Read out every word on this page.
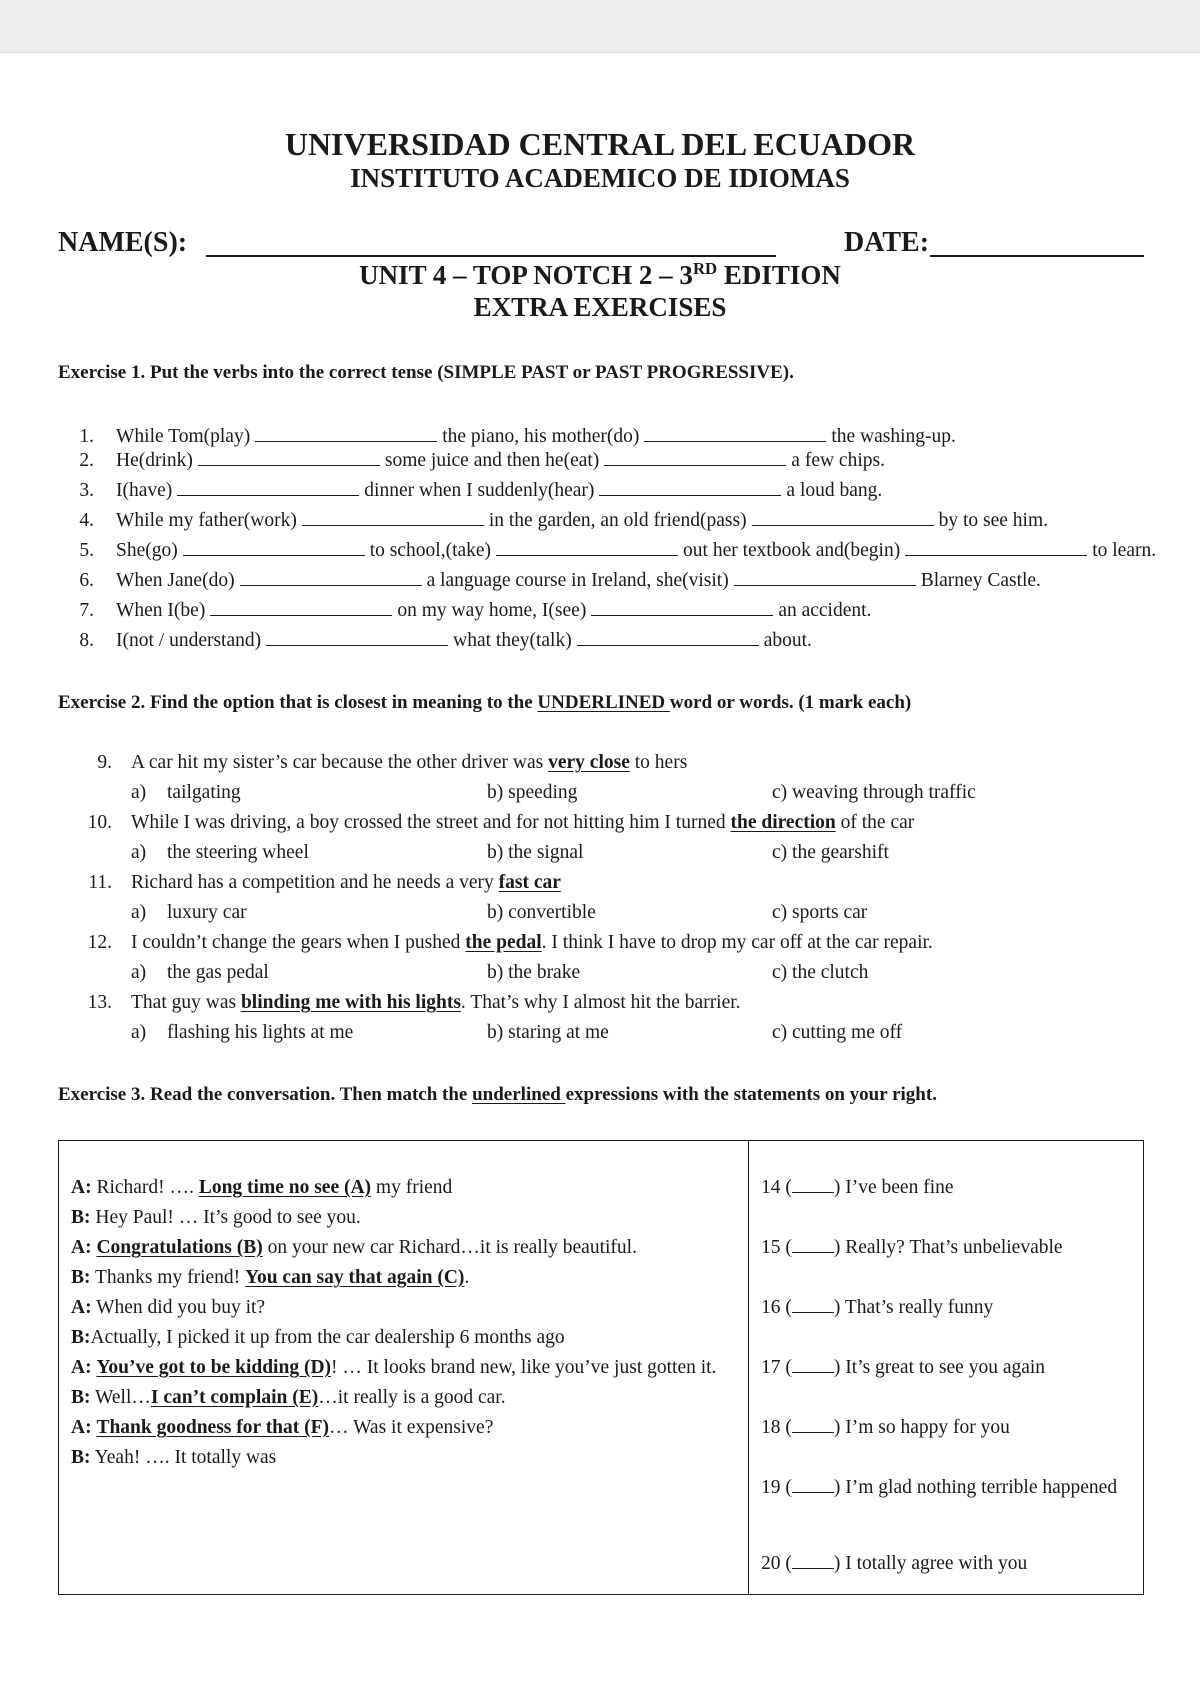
UNIVERSIDAD CENTRAL DEL ECUADOR
INSTITUTO ACADEMICO DE IDIOMAS
NAME(S):	DATE:
UNIT 4 – TOP NOTCH 2 – 3RD EDITION
EXTRA EXERCISES
Exercise 1. Put the verbs into the correct tense (SIMPLE PAST or PAST PROGRESSIVE).
1. While Tom(play)	the piano, his mother(do)	the washing-up.
2. He(drink)	some juice and then he(eat)	a few chips.
3. I(have)	dinner when I suddenly(hear)	a loud bang.
4. While my father(work)	in the garden, an old friend(pass)	by to see him.
5. She(go)	to school,(take)	out her textbook and(begin)	to learn.
6. When Jane(do)	a language course in Ireland, she(visit)	Blarney Castle.
7. When I(be)	on my way home, I(see)	an accident.
8. I(not / understand)	what they(talk)	about.
Exercise 2. Find the option that is closest in meaning to the UNDERLINED word or words. (1 mark each)
9. A car hit my sister’s car because the other driver was very close to hers
a) tailgating	b) speeding	c) weaving through traffic
10. While I was driving, a boy crossed the street and for not hitting him I turned the direction of the car
a) the steering wheel	b) the signal	c) the gearshift
11. Richard has a competition and he needs a very fast car
a) luxury car	b) convertible	c) sports car
12. I couldn’t change the gears when I pushed the pedal. I think I have to drop my car off at the car repair.
a) the gas pedal	b) the brake	c) the clutch
13. That guy was blinding me with his lights. That’s why I almost hit the barrier.
a) flashing his lights at me	b) staring at me	c) cutting me off
Exercise 3. Read the conversation. Then match the underlined expressions with the statements on your right.
A: Richard! …. Long time no see (A) my friend
B: Hey Paul! … It’s good to see you.
A: Congratulations (B) on your new car Richard…it is really beautiful.
B: Thanks my friend! You can say that again (C).
A: When did you buy it?
B:Actually, I picked it up from the car dealership 6 months ago
A: You’ve got to be kidding (D)! … It looks brand new, like you’ve just gotten it.
B: Well…I can’t complain (E)…it really is a good car.
A: Thank goodness for that (F)… Was it expensive?
B: Yeah! …. It totally was

14 ( ) I’ve been fine
15 ( ) Really? That’s unbelievable
16 ( ) That’s really funny
17 ( ) It’s great to see you again
18 ( ) I’m so happy for you
19 ( ) I’m glad nothing terrible happened
20 ( ) I totally agree with you
